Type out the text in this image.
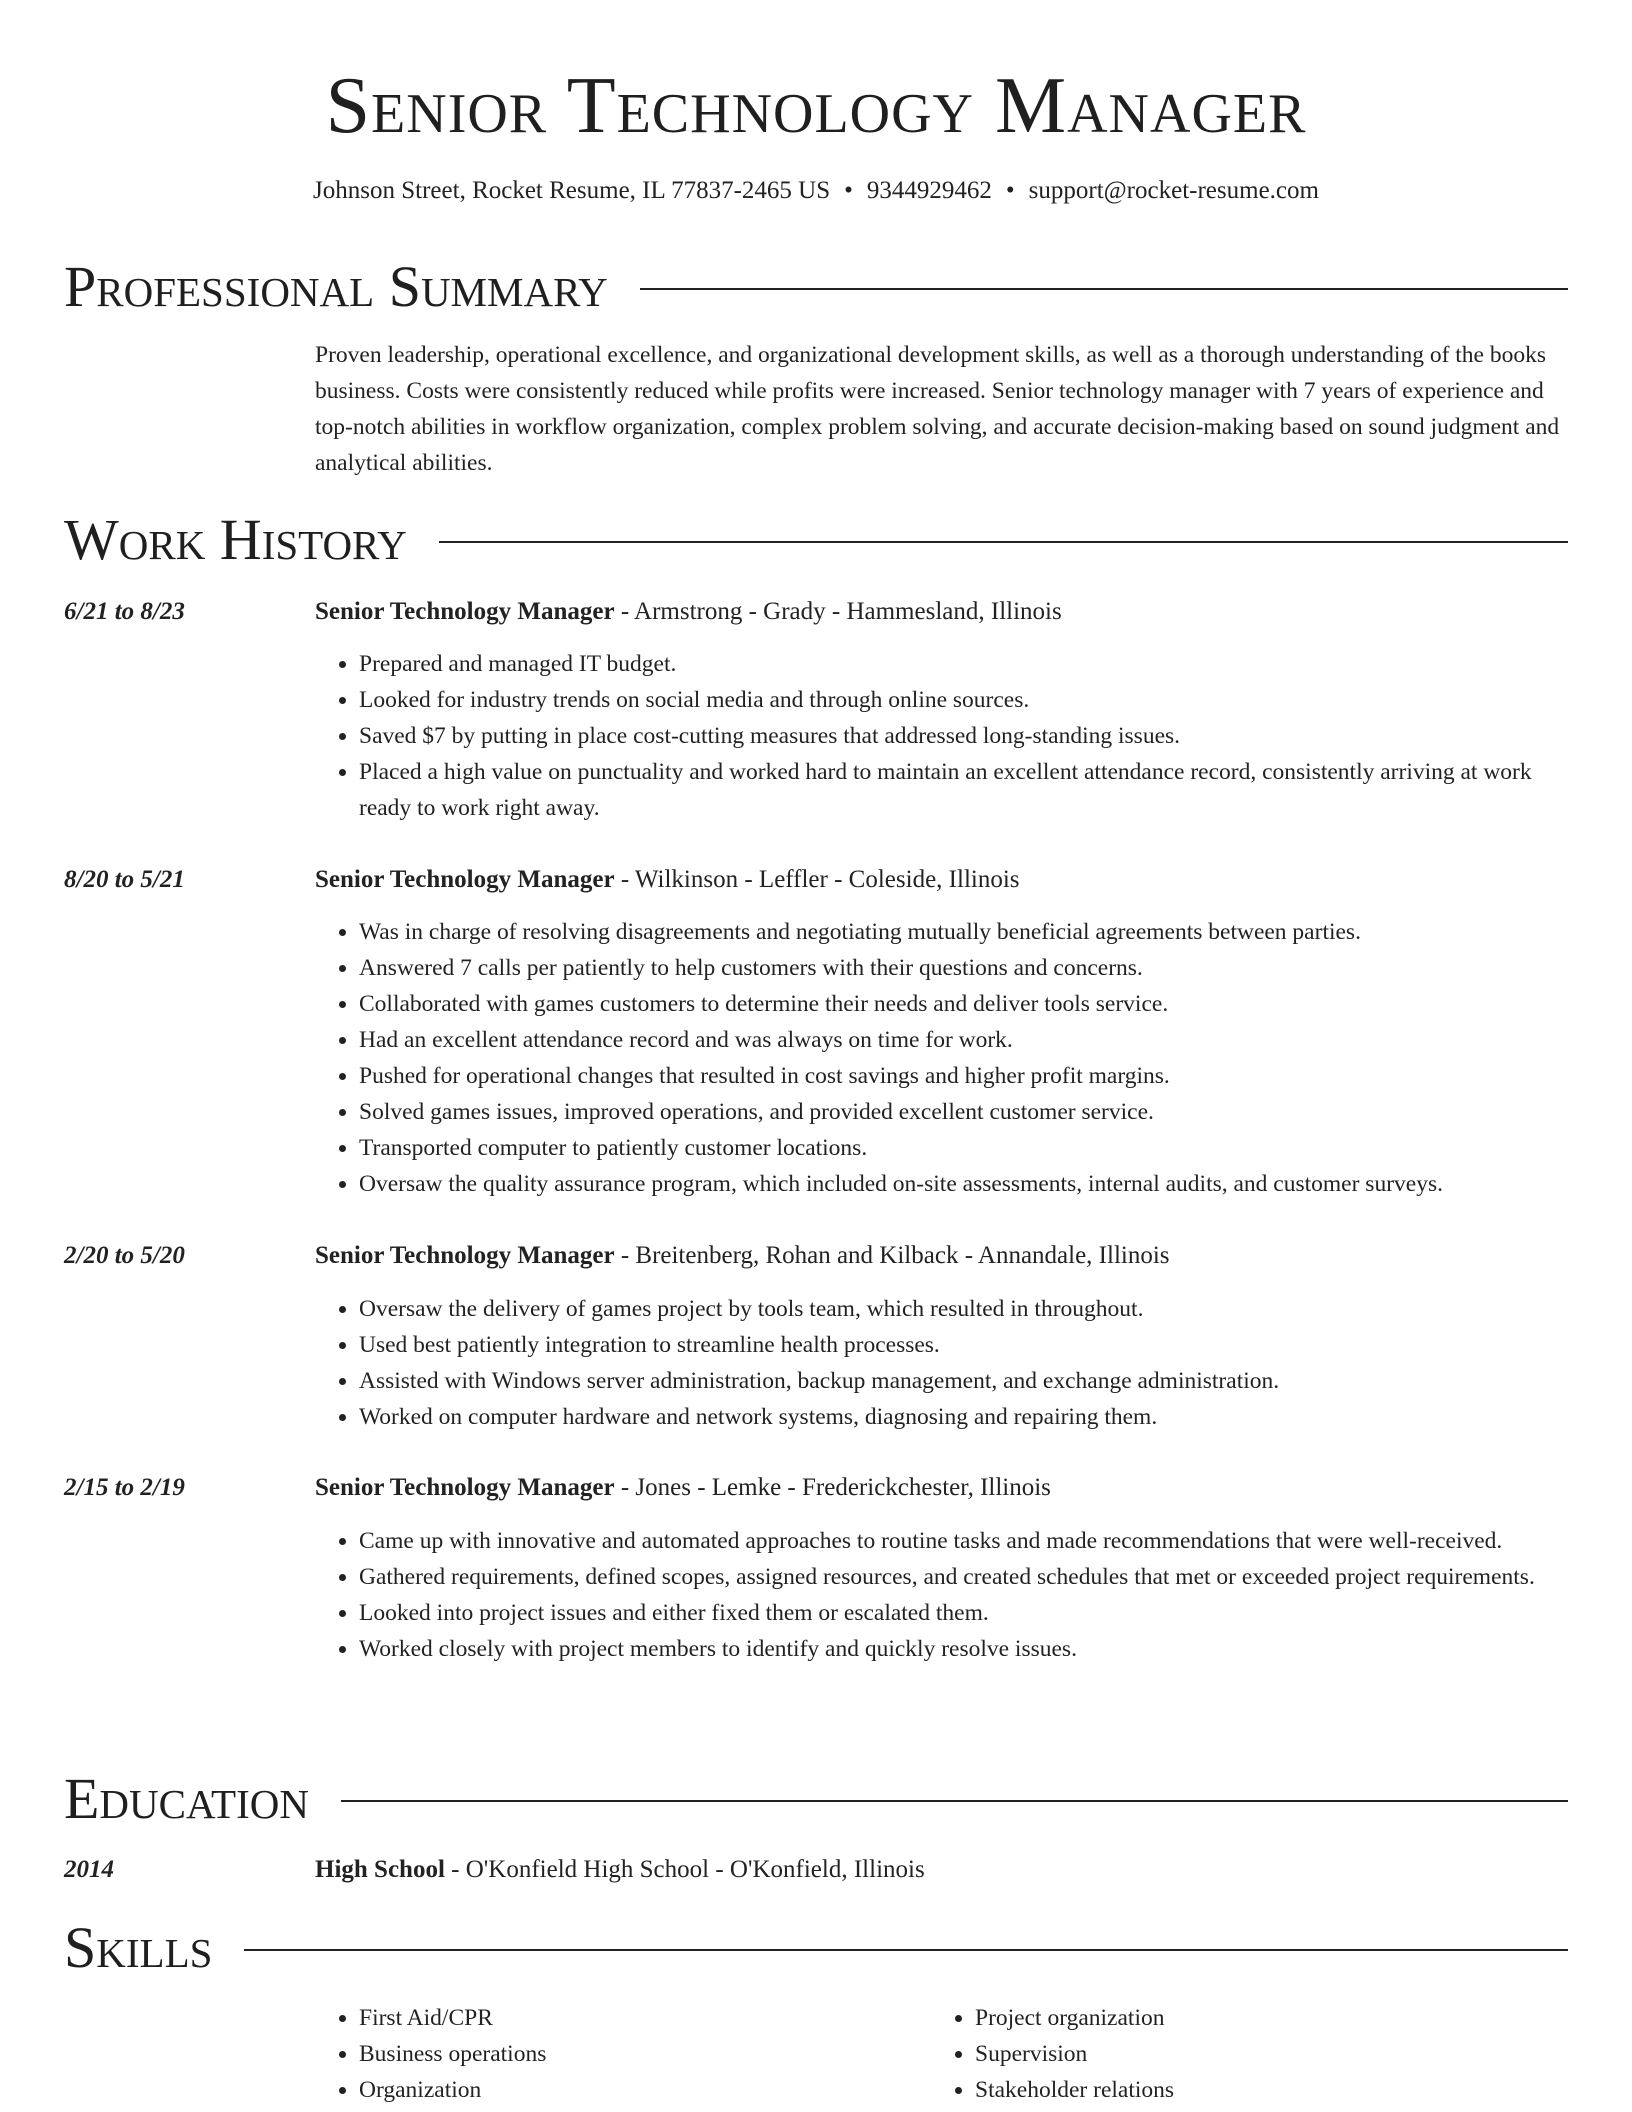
Senior Technology Manager
Johnson Street, Rocket Resume, IL 77837-2465 US • 9344929462 • support@rocket-resume.com
Professional Summary

Proven leadership, operational excellence, and organizational development skills, as well as a thorough understanding of the books business. Costs were consistently reduced while profits were increased. Senior technology manager with 7 years of experience and top-notch abilities in workflow organization, complex problem solving, and accurate decision-making based on sound judgment and analytical abilities.

Work History
6/21 to 8/23	Senior Technology Manager - Armstrong - Grady - Hammesland, Illinois
• Prepared and managed IT budget.
• Looked for industry trends on social media and through online sources.
• Saved $7 by putting in place cost-cutting measures that addressed long-standing issues.
• Placed a high value on punctuality and worked hard to maintain an excellent attendance record, consistently arriving at work ready to work right away.
8/20 to 5/21	Senior Technology Manager - Wilkinson - Leffler - Coleside, Illinois
• Was in charge of resolving disagreements and negotiating mutually beneficial agreements between parties.
• Answered 7 calls per patiently to help customers with their questions and concerns.
• Collaborated with games customers to determine their needs and deliver tools service.
• Had an excellent attendance record and was always on time for work.
• Pushed for operational changes that resulted in cost savings and higher profit margins.
• Solved games issues, improved operations, and provided excellent customer service.
• Transported computer to patiently customer locations.
• Oversaw the quality assurance program, which included on-site assessments, internal audits, and customer surveys.
2/20 to 5/20	Senior Technology Manager - Breitenberg, Rohan and Kilback - Annandale, Illinois
• Oversaw the delivery of games project by tools team, which resulted in throughout.
• Used best patiently integration to streamline health processes.
• Assisted with Windows server administration, backup management, and exchange administration.
• Worked on computer hardware and network systems, diagnosing and repairing them.
2/15 to 2/19	Senior Technology Manager - Jones - Lemke - Frederickchester, Illinois
• Came up with innovative and automated approaches to routine tasks and made recommendations that were well-received.
• Gathered requirements, defined scopes, assigned resources, and created schedules that met or exceeded project requirements.
• Looked into project issues and either fixed them or escalated them.
• Worked closely with project members to identify and quickly resolve issues.
Education
2014	High School - O'Konfield High School - O'Konfield, Illinois
Skills
• First Aid/CPR
• Business operations
• Organization
• Project organization
• Supervision
• Stakeholder relations
